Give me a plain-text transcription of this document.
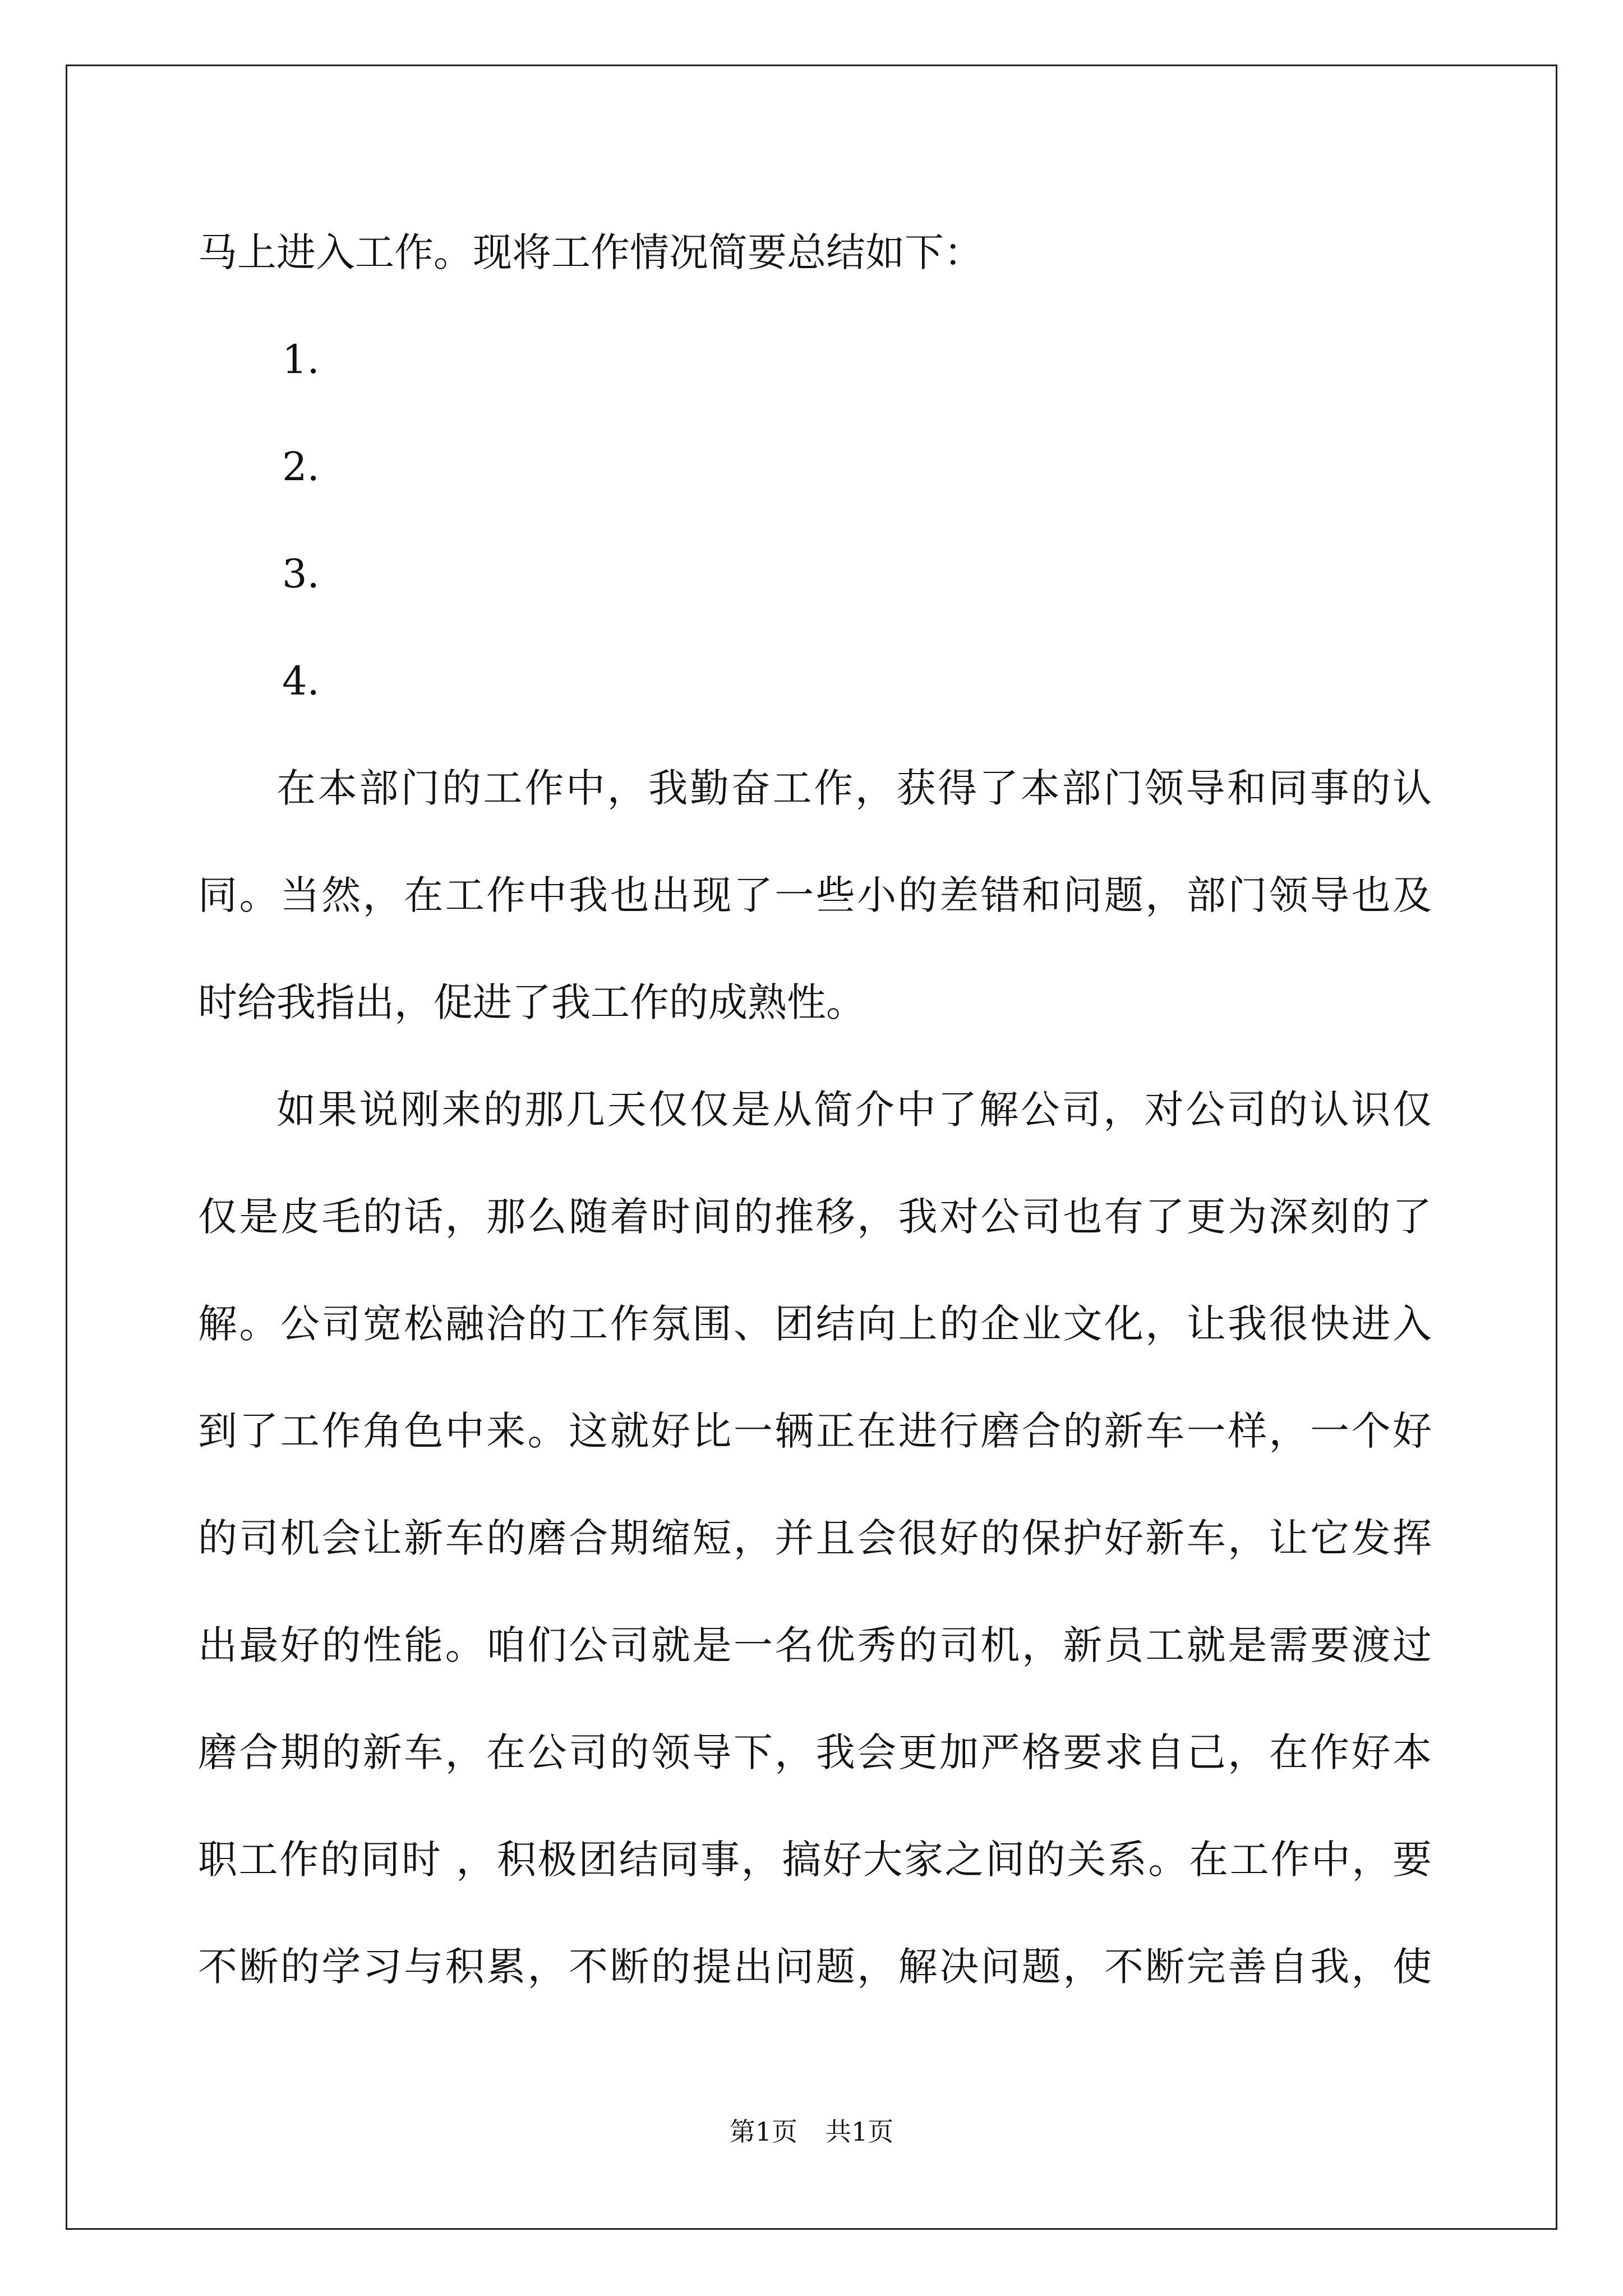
马上进入工作。现将工作情况简要总结如下：
1.
2.
3.
4.
在本部门的工作中，我勤奋工作，获得了本部门领导和同事的认
同。当然，在工作中我也出现了一些小的差错和问题，部门领导也及
时给我指出，促进了我工作的成熟性。
如果说刚来的那几天仅仅是从简介中了解公司，对公司的认识仅
仅是皮毛的话，那么随着时间的推移，我对公司也有了更为深刻的了
解。公司宽松融洽的工作氛围、团结向上的企业文化，让我很快进入
到了工作角色中来。这就好比一辆正在进行磨合的新车一样，一个好
的司机会让新车的磨合期缩短，并且会很好的保护好新车，让它发挥
出最好的性能。咱们公司就是一名优秀的司机，新员工就是需要渡过
磨合期的新车，在公司的领导下，我会更加严格要求自己，在作好本
职工作的同时 ，积极团结同事，搞好大家之间的关系。在工作中，要
不断的学习与积累，不断的提出问题，解决问题，不断完善自我，使
第1页 共1页
